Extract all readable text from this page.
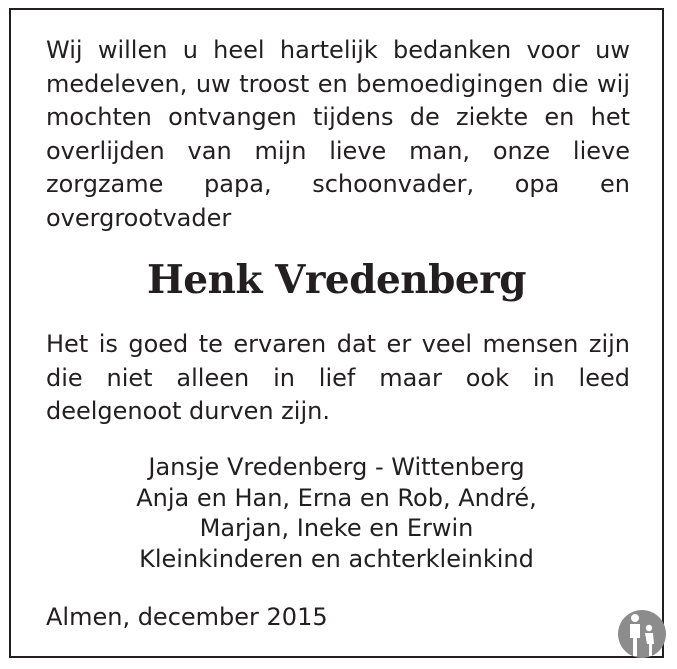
Wij willen u heel hartelijk bedanken voor uw medeleven, uw troost en bemoedigingen die wij mochten ontvangen tijdens de ziekte en het overlijden van mijn lieve man, onze lieve zorgzame papa, schoonvader, opa en overgrootvader

Henk Vredenberg

Het is goed te ervaren dat er veel mensen zijn die niet alleen in lief maar ook in leed deelgenoot durven zijn.

Jansje Vredenberg - Wittenberg
Anja en Han, Erna en Rob, André,
Marjan, Ineke en Erwin
Kleinkinderen en achterkleinkind

Almen, december 2015
